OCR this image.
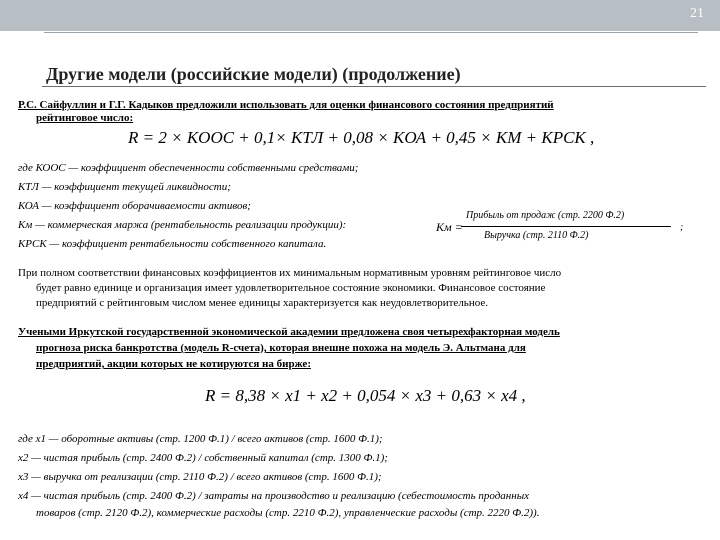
21
Другие модели (российские модели) (продолжение)
Р.С. Сайфуллин и Г.Г. Кадыков предложили использовать для оценки финансового состояния предприятий
рейтинговое число:
R = 2 × KООС + 0,1× KТЛ + 0,08 × KОА + 0,45 × KМ + KРСК ,
где КООС — коэффициент обеспеченности собственными средствами;
КТЛ — коэффициент текущей ликвидности;
КОА — коэффициент оборачиваемости активов;
Км — коммерческая маржа (рентабельность реализации продукции):
КРСК — коэффициент рентабельности собственного капитала.
Kм =
Прибыль от продаж (стр. 2200 Ф.2)
Выручка (стр. 2110 Ф.2)
;
При полном соответствии финансовых коэффициентов их минимальным нормативным уровням рейтинговое число
будет равно единице и организация имеет удовлетворительное состояние экономики. Финансовое состояние
предприятий с рейтинговым числом менее единицы характеризуется как неудовлетворительное.
Учеными Иркутской государственной экономической академии предложена своя четырехфакторная модель
прогноза риска банкротства (модель R-счета), которая внешне похожа на модель Э. Альтмана для
предприятий, акции которых не котируются на бирже:
R = 8,38 × x1 + x2 + 0,054 × x3 + 0,63 × x4 ,
где x1 — оборотные активы (стр. 1200 Ф.1) / всего активов (стр. 1600 Ф.1);
x2 — чистая прибыль (стр. 2400 Ф.2) / собственный капитал (стр. 1300 Ф.1);
x3 — выручка от реализации (стр. 2110 Ф.2) / всего активов (стр. 1600 Ф.1);
x4 — чистая прибыль (стр. 2400 Ф.2) / затраты на производство и реализацию (себестоимость проданных
товаров (стр. 2120 Ф.2), коммерческие расходы (стр. 2210 Ф.2), управленческие расходы (стр. 2220 Ф.2)).
